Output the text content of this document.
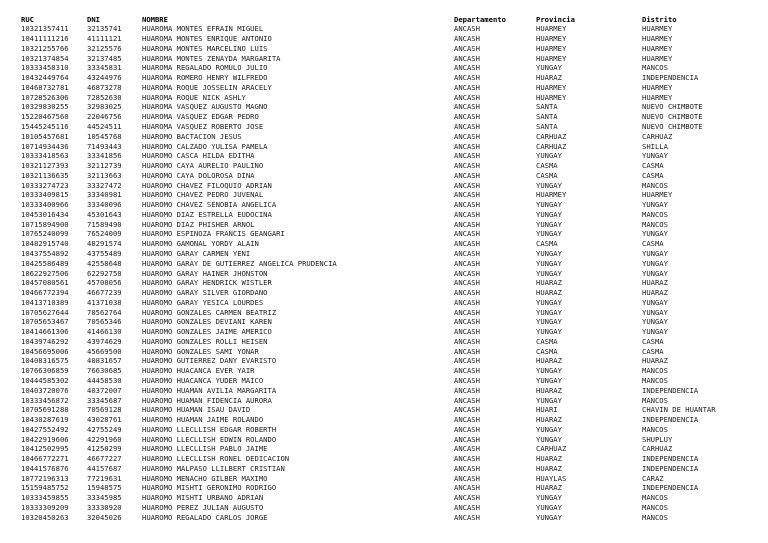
RUC	DNI	NOMBRE	Departamento	Provincia	Distrito
10321357411	32135741	HUAROMA MONTES EFRAIN MIGUEL	ANCASH	HUARMEY	HUARMEY
10411111216	41111121	HUAROMA MONTES ENRIQUE ANTONIO	ANCASH	HUARMEY	HUARMEY
10321255766	32125576	HUAROMA MONTES MARCELINO LUIS	ANCASH	HUARMEY	HUARMEY
10321374854	32137485	HUAROMA MONTES ZENAYDA MARGARITA	ANCASH	HUARMEY	HUARMEY
10333458310	33345831	HUAROMA REGALADO ROMULO JULIO	ANCASH	YUNGAY	MANCOS
10432449764	43244976	HUAROMA ROMERO HENRY WILFREDO	ANCASH	HUARAZ	INDEPENDENCIA
10468732781	46873278	HUAROMA ROQUE JOSSELIN ARACELY	ANCASH	HUARMEY	HUARMEY
10728526306	72852630	HUAROMA ROQUE NICK ASHLY	ANCASH	HUARMEY	HUARMEY
10329830255	32983025	HUAROMA VASQUEZ AUGUSTO MAGNO	ANCASH	SANTA	NUEVO CHIMBOTE
15220467560	22046756	HUAROMA VASQUEZ EDGAR PEDRO	ANCASH	SANTA	NUEVO CHIMBOTE
15445245116	44524511	HUAROMA VASQUEZ ROBERTO JOSE	ANCASH	SANTA	NUEVO CHIMBOTE
10105457681	10545768	HUAROMO BACTACION JESUS	ANCASH	CARHUAZ	CARHUAZ
10714934436	71493443	HUAROMO CALZADO YULISA PAMELA	ANCASH	CARHUAZ	SHILLA
10333418563	33341856	HUAROMO CASCA HILDA EDITHA	ANCASH	YUNGAY	YUNGAY
10321127393	32112739	HUAROMO CAYA AURELIO PAULINO	ANCASH	CASMA	CASMA
10321136635	32113663	HUAROMO CAYA DOLOROSA DINA	ANCASH	CASMA	CASMA
10333274723	33327472	HUAROMO CHAVEZ FILOQUIO ADRIAN	ANCASH	YUNGAY	MANCOS
10333409815	33340981	HUAROMO CHAVEZ PEDRO JUVENAL	ANCASH	HUARMEY	HUARMEY
10333400966	33340096	HUAROMO CHAVEZ SENOBIA ANGELICA	ANCASH	YUNGAY	YUNGAY
10453016434	45301643	HUAROMO DIAZ ESTRELLA EUDOCINA	ANCASH	YUNGAY	MANCOS
10715894900	71589490	HUAROMO DIAZ PHISHER ARNOL	ANCASH	YUNGAY	MANCOS
10765240099	76524009	HUAROMO ESPINOZA FRANCIS GEANGARI	ANCASH	YUNGAY	YUNGAY
10482915740	48291574	HUAROMO GAMONAL YORDY ALAIN	ANCASH	CASMA	CASMA
10437554892	43755489	HUAROMO GARAY CARMEN YENI	ANCASH	YUNGAY	YUNGAY
10425586489	42558648	HUAROMO GARAY DE GUTIERREZ ANGELICA PRUDENCIA	ANCASH	YUNGAY	YUNGAY
10622927506	62292750	HUAROMO GARAY HAINER JHONSTON	ANCASH	YUNGAY	YUNGAY
10457080561	45708056	HUAROMO GARAY HENDRICK WISTLER	ANCASH	HUARAZ	HUARAZ
10466772394	46677239	HUAROMO GARAY SILVER GIORDANO	ANCASH	HUARAZ	HUARAZ
10413710389	41371038	HUAROMO GARAY YESICA LOURDES	ANCASH	YUNGAY	YUNGAY
10705627644	70562764	HUAROMO GONZALES CARMEN BEATRIZ	ANCASH	YUNGAY	YUNGAY
10705653467	70565346	HUAROMO GONZALES DEVIANI KAREN	ANCASH	YUNGAY	YUNGAY
10414661306	41466130	HUAROMO GONZALES JAIME AMERICO	ANCASH	YUNGAY	YUNGAY
10439746292	43974629	HUAROMO GONZALES ROLLI HEISEN	ANCASH	CASMA	CASMA
10456695006	45669500	HUAROMO GONZALES SAMI YONAR	ANCASH	CASMA	CASMA
10408316575	40831657	HUAROMO GUTIERREZ DANY EVARISTO	ANCASH	HUARAZ	HUARAZ
10766306859	76630685	HUAROMO HUACANCA EVER YAIR	ANCASH	YUNGAY	MANCOS
10444585302	44458530	HUAROMO HUACANCA YUDER MAICO	ANCASH	YUNGAY	MANCOS
10403720076	40372007	HUAROMO HUAMAN AVILIA MARGARITA	ANCASH	HUARAZ	INDEPENDENCIA
10333456872	33345687	HUAROMO HUAMAN FIDENCIA AURORA	ANCASH	YUNGAY	MANCOS
10705691288	70569128	HUAROMO HUAMAN ISAU DAVID	ANCASH	HUARI	CHAVIN DE HUANTAR
10430287619	43028761	HUAROMO HUAMAN JAIME ROLANDO	ANCASH	HUARAZ	INDEPENDENCIA
10427552492	42755249	HUAROMO LLECLLISH EDGAR ROBERTH	ANCASH	YUNGAY	MANCOS
10422919606	42291960	HUAROMO LLECLLISH EDWIN ROLANDO	ANCASH	YUNGAY	SHUPLUY
10412502995	41250299	HUAROMO LLECLLISH PABLO JAIME	ANCASH	CARHUAZ	CARHUAZ
10466772271	46677227	HUAROMO LLECLLISH RONEL DEDICACION	ANCASH	HUARAZ	INDEPENDENCIA
10441576876	44157687	HUAROMO MALPASO LLILBERT CRISTIAN	ANCASH	HUARAZ	INDEPENDENCIA
10772196313	77219631	HUAROMO MENACHO GILBER MAXIMO	ANCASH	HUAYLAS	CARAZ
15159485752	15948575	HUAROMO MISHTI GERONIMO RODRIGO	ANCASH	HUARAZ	INDEPENDENCIA
10333459855	33345985	HUAROMO MISHTI URBANO ADRIAN	ANCASH	YUNGAY	MANCOS
10333309209	33330920	HUAROMO PEREZ JULIAN AUGUSTO	ANCASH	YUNGAY	MANCOS
10320450263	32045026	HUAROMO REGALADO CARLOS JORGE	ANCASH	YUNGAY	MANCOS
